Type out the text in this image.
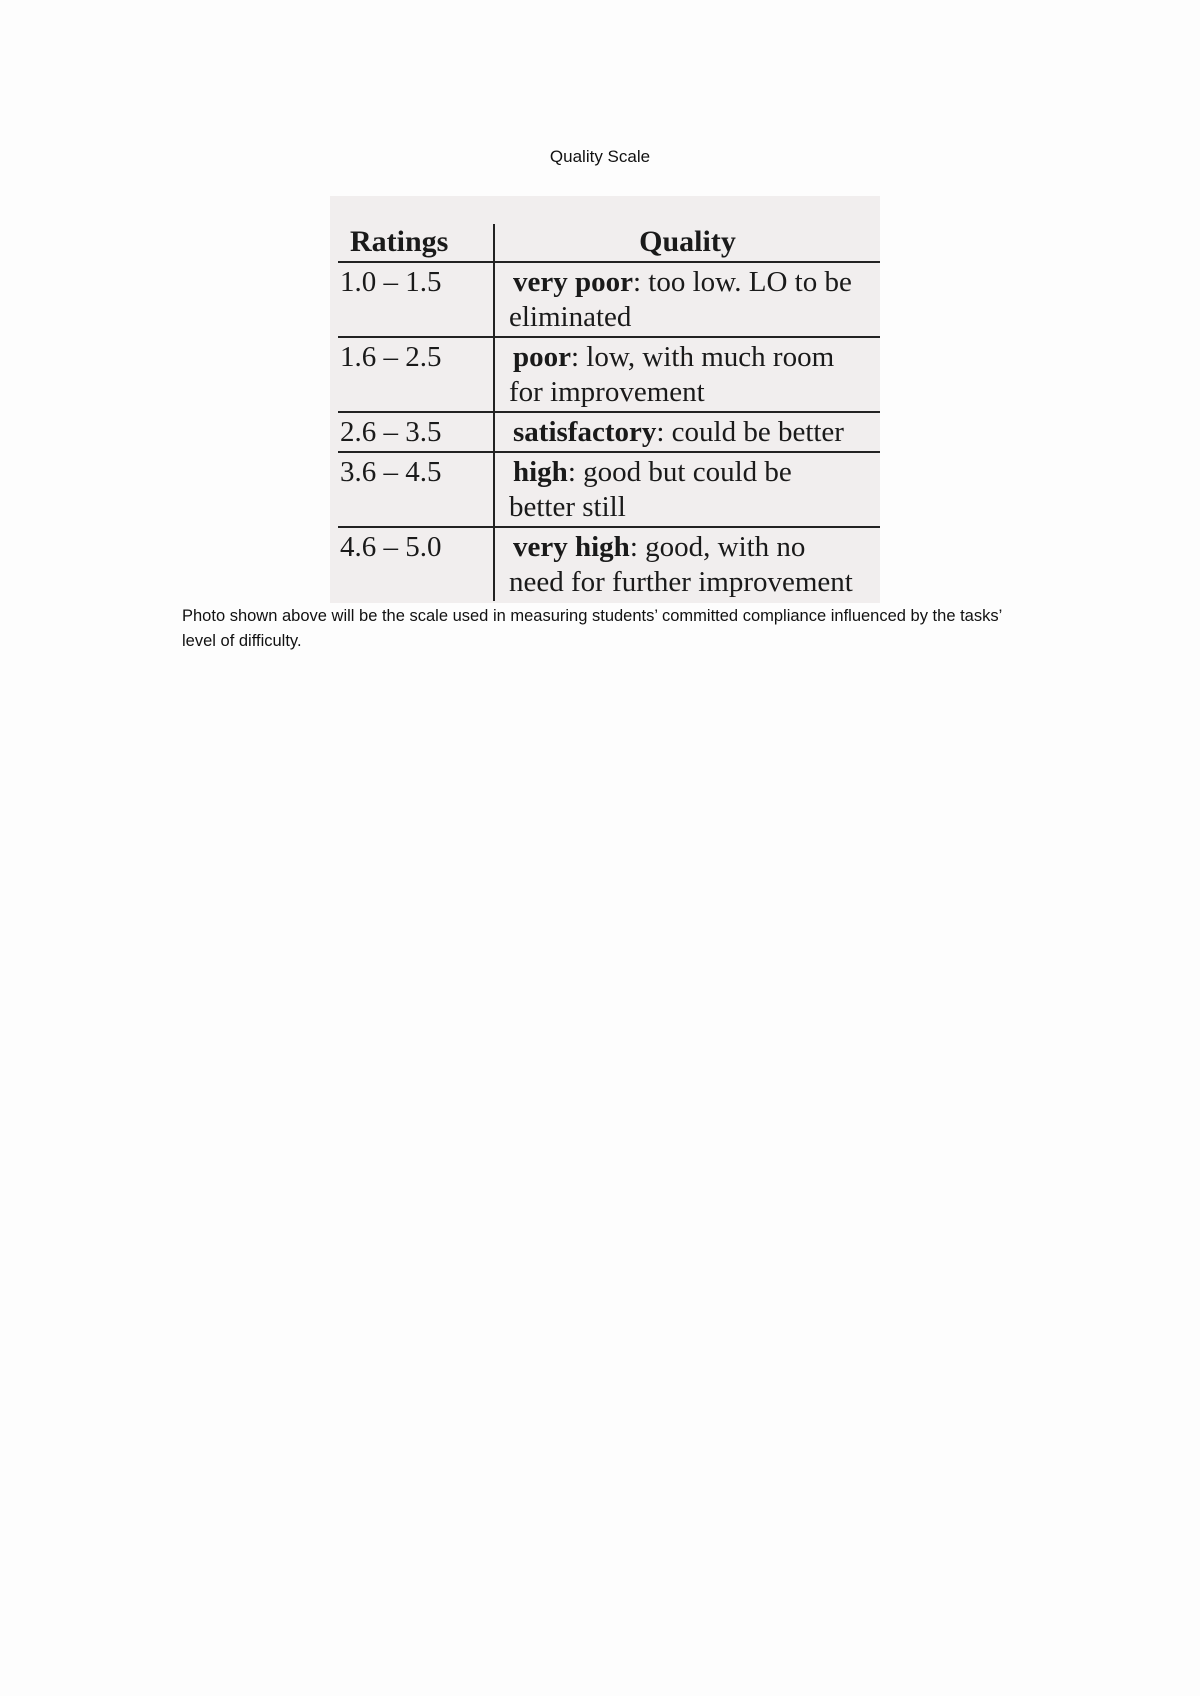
Quality Scale
Ratings	Quality
1.0 – 1.5	very poor: too low. LO to be
eliminated

1.6 – 2.5	poor: low, with much room
for improvement

2.6 – 3.5	satisfactory: could be better
3.6 – 4.5	high: good but could be
better still

4.6 – 5.0	very high: good, with no
need for further improvement

Photo shown above will be the scale used in measuring students’ committed compliance influenced by the tasks’ level of difficulty.
